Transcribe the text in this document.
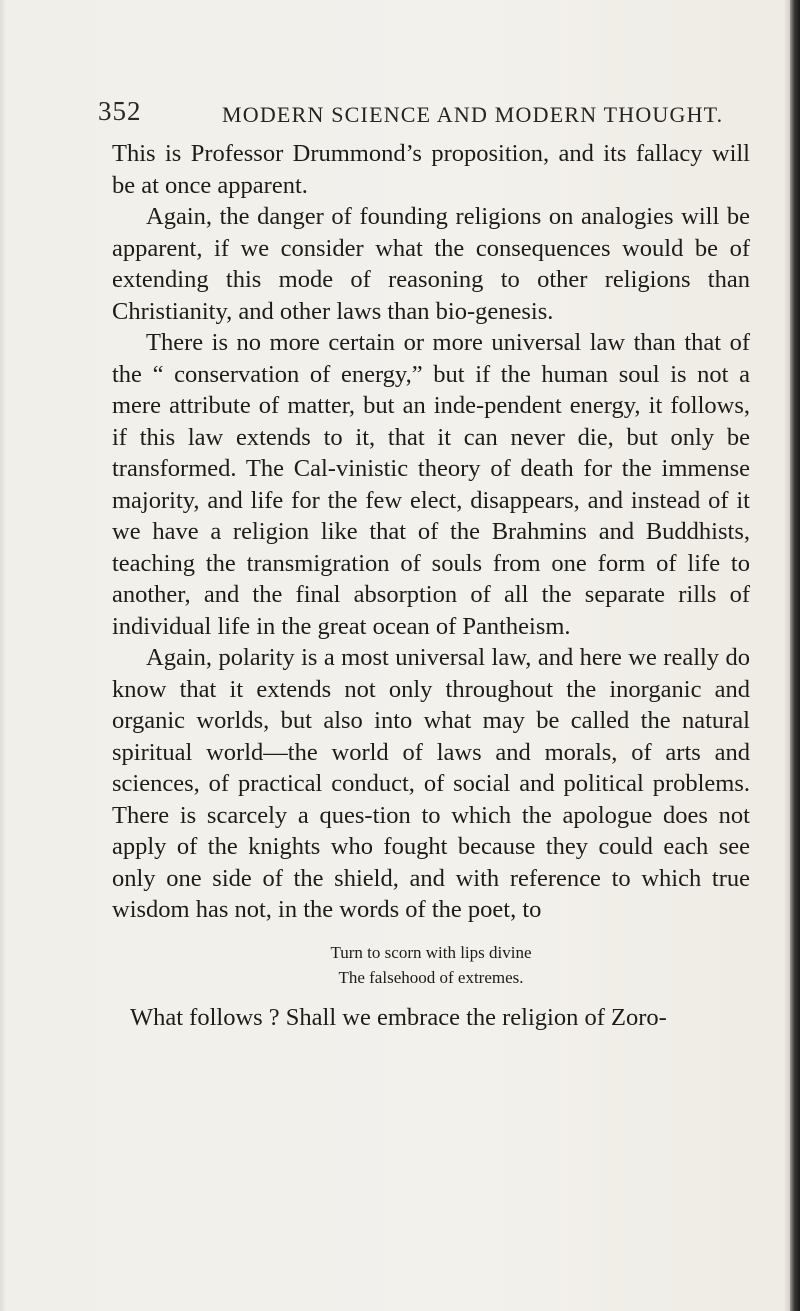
352	MODERN SCIENCE AND MODERN THOUGHT.

This is Professor Drummond’s proposition, and its fallacy will be at once apparent.

Again, the danger of founding religions on analogies will be apparent, if we consider what the consequences would be of extending this mode of reasoning to other religions than Christianity, and other laws than bio-genesis.

There is no more certain or more universal law than that of the “ conservation of energy,” but if the human soul is not a mere attribute of matter, but an inde-pendent energy, it follows, if this law extends to it, that it can never die, but only be transformed. The Cal-vinistic theory of death for the immense majority, and life for the few elect, disappears, and instead of it we have a religion like that of the Brahmins and Buddhists, teaching the transmigration of souls from one form of life to another, and the final absorption of all the separate rills of individual life in the great ocean of Pantheism.

Again, polarity is a most universal law, and here we really do know that it extends not only throughout the inorganic and organic worlds, but also into what may be called the natural spiritual world—the world of laws and morals, of arts and sciences, of practical conduct, of social and political problems. There is scarcely a ques-tion to which the apologue does not apply of the knights who fought because they could each see only one side of the shield, and with reference to which true wisdom has not, in the words of the poet, to

Turn to scorn with lips divine
The falsehood of extremes.

What follows ? Shall we embrace the religion of Zoro-
